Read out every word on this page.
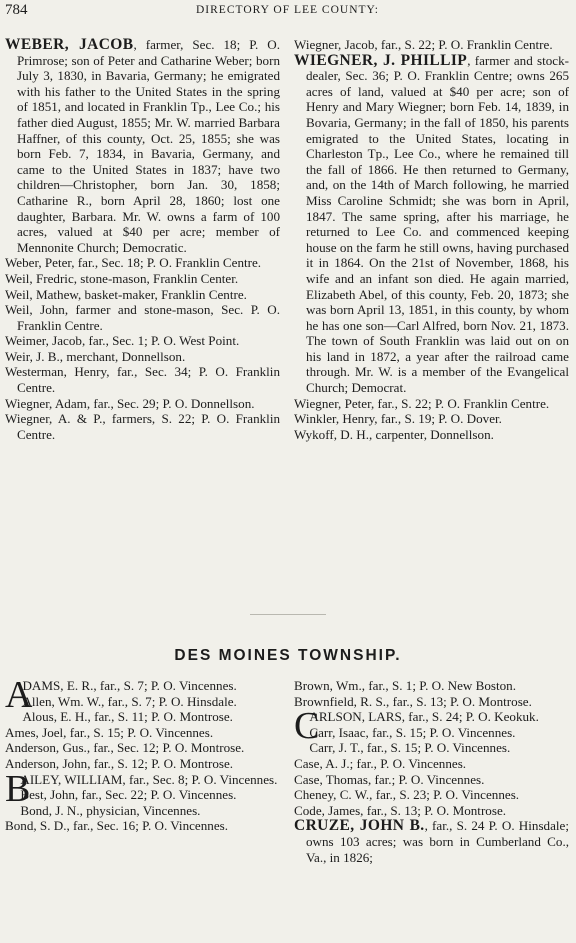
784	DIRECTORY OF LEE COUNTY:

WEBER, JACOB, farmer, Sec. 18; P. O. Primrose; son of Peter and Catharine Weber; born July 3, 1830, in Bavaria, Germany; he emigrated with his father to the United States in the spring of 1851, and located in Franklin Tp., Lee Co.; his father died August, 1855; Mr. W. married Barbara Haffner, of this county, Oct. 25, 1855; she was born Feb. 7, 1834, in Bavaria, Germany, and came to the United States in 1837; have two children—Christopher, born Jan. 30, 1858; Catharine R., born April 28, 1860; lost one daughter, Barbara. Mr. W. owns a farm of 100 acres, valued at $40 per acre; member of Mennonite Church; Democratic.

Weber, Peter, far., Sec. 18; P. O. Franklin Centre.

Weil, Fredric, stone-mason, Franklin Center.

Weil, Mathew, basket-maker, Franklin Centre.

Weil, John, farmer and stone-mason, Sec. P. O. Franklin Centre.

Weimer, Jacob, far., Sec. 1; P. O. West Point.

Weir, J. B., merchant, Donnellson.

Westerman, Henry, far., Sec. 34; P. O. Franklin Centre.

Wiegner, Adam, far., Sec. 29; P. O. Donnellson.

Wiegner, A. & P., farmers, S. 22; P. O. Franklin Centre.

Wiegner, Jacob, far., S. 22; P. O. Franklin Centre.

WIEGNER, J. PHILLIP, farmer and stock-dealer, Sec. 36; P. O. Franklin Centre; owns 265 acres of land, valued at $40 per acre; son of Henry and Mary Wiegner; born Feb. 14, 1839, in Bovaria, Germany; in the fall of 1850, his parents emigrated to the United States, locating in Charleston Tp., Lee Co., where he remained till the fall of 1866. He then returned to Germany, and, on the 14th of March following, he married Miss Caroline Schmidt; she was born in April, 1847. The same spring, after his marriage, he returned to Lee Co. and commenced keeping house on the farm he still owns, having purchased it in 1864. On the 21st of November, 1868, his wife and an infant son died. He again married, Elizabeth Abel, of this county, Feb. 20, 1873; she was born April 13, 1851, in this county, by whom he has one son—Carl Alfred, born Nov. 21, 1873. The town of South Franklin was laid out on on his land in 1872, a year after the railroad came through. Mr. W. is a member of the Evangelical Church; Democrat.

Wiegner, Peter, far., S. 22; P. O. Franklin Centre.

Winkler, Henry, far., S. 19; P. O. Dover.

Wykoff, D. H., carpenter, Donnellson.

DES MOINES TOWNSHIP.

A
DAMS, E. R., far., S. 7; P. O. Vincennes.

Allen, Wm. W., far., S. 7; P. O. Hinsdale.

Alous, E. H., far., S. 11; P. O. Montrose.

Ames, Joel, far., S. 15; P. O. Vincennes.

Anderson, Gus., far., Sec. 12; P. O. Montrose.

Anderson, John, far., S. 12; P. O. Montrose.

B
AILEY, WILLIAM, far., Sec. 8; P. O. Vincennes.

Best, John, far., Sec. 22; P. O. Vincennes.

Bond, J. N., physician, Vincennes.

Bond, S. D., far., Sec. 16; P. O. Vincennes.

Brown, Wm., far., S. 1; P. O. New Boston.

Brownfield, R. S., far., S. 13; P. O. Montrose.

C
ARLSON, LARS, far., S. 24; P. O. Keokuk.

Carr, Isaac, far., S. 15; P. O. Vincennes.

Carr, J. T., far., S. 15; P. O. Vincennes.

Case, A. J.; far., P. O. Vincennes.

Case, Thomas, far.; P. O. Vincennes.

Cheney, C. W., far., S. 23; P. O. Vincennes.

Code, James, far., S. 13; P. O. Montrose.

CRUZE, JOHN B., far., S. 24 P. O. Hinsdale; owns 103 acres; was born in Cumberland Co., Va., in 1826;
